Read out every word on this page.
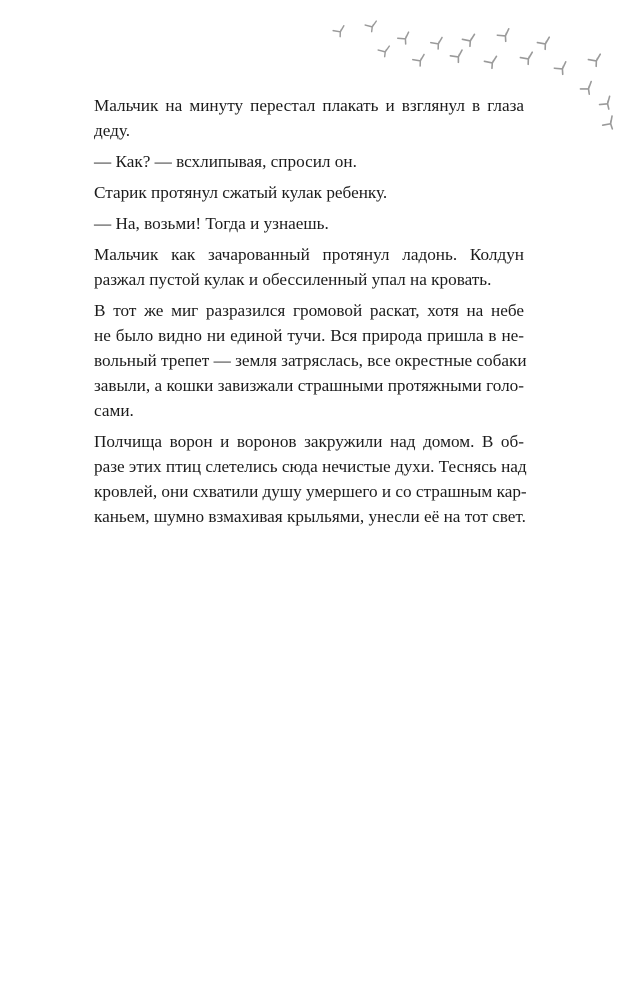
Мальчик на минуту перестал плакать и взглянул в глаза
деду.
— Как? — всхлипывая, спросил он.
Старик протянул сжатый кулак ребенку.
— На, возьми! Тогда и узнаешь.
Мальчик как зачарованный протянул ладонь. Колдун
разжал пустой кулак и обессиленный упал на кровать.
В тот же миг разразился громовой раскат, хотя на небе
не было видно ни единой тучи. Вся природа пришла в не-
вольный трепет — земля затряслась, все окрестные собаки
завыли, а кошки завизжали страшными протяжными голо-
сами.
Полчища ворон и воронов закружили над домом. В об-
разе этих птиц слетелись сюда нечистые духи. Теснясь над
кровлей, они схватили душу умершего и со страшным кар-
каньем, шумно взмахивая крыльями, унесли её на тот свет.
